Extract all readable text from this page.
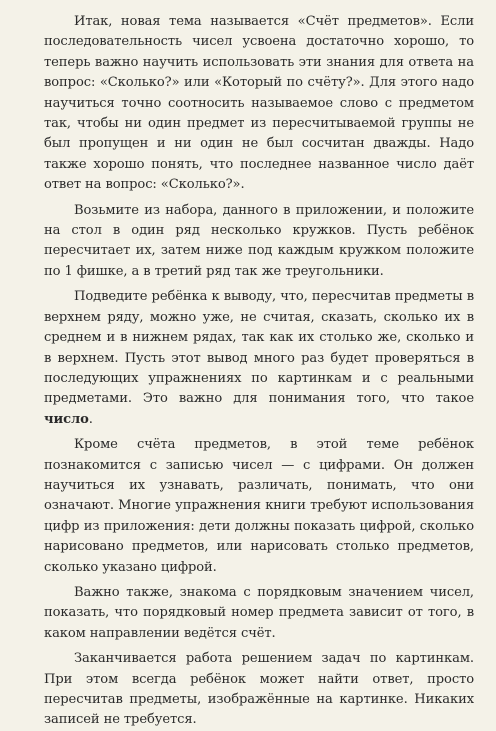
Итак, новая тема называется «Счёт предметов». Если последовательность чисел усвоена достаточно хорошо, то теперь важно научить использовать эти знания для ответа на вопрос: «Сколько?» или «Который по счёту?». Для этого надо научиться точно соотносить называемое слово с предметом так, чтобы ни один предмет из пересчитываемой группы не был пропущен и ни один не был сосчитан дважды. Надо также хорошо понять, что последнее названное число даёт ответ на вопрос: «Сколько?».

Возьмите из набора, данного в приложении, и положите на стол в один ряд несколько кружков. Пусть ребёнок пересчитает их, затем ниже под каждым кружком положите по 1 фишке, а в третий ряд так же треугольники.

Подведите ребёнка к выводу, что, пересчитав предметы в верхнем ряду, можно уже, не считая, сказать, сколько их в среднем и в нижнем рядах, так как их столько же, сколько и в верхнем. Пусть этот вывод много раз будет проверяться в последующих упражнениях по картинкам и с реальными предметами. Это важно для понимания того, что такое число.

Кроме счёта предметов, в этой теме ребёнок познакомится с записью чисел — с цифрами. Он должен научиться их узнавать, различать, понимать, что они означают. Многие упражнения книги требуют использования цифр из приложения: дети должны показать цифрой, сколько нарисовано предметов, или нарисовать столько предметов, сколько указано цифрой.

Важно также, знакома с порядковым значением чисел, показать, что порядковый номер предмета зависит от того, в каком направлении ведётся счёт.

Заканчивается работа решением задач по картинкам. При этом всегда ребёнок может найти ответ, просто пересчитав предметы, изображённые на картинке. Никаких записей не требуется.
